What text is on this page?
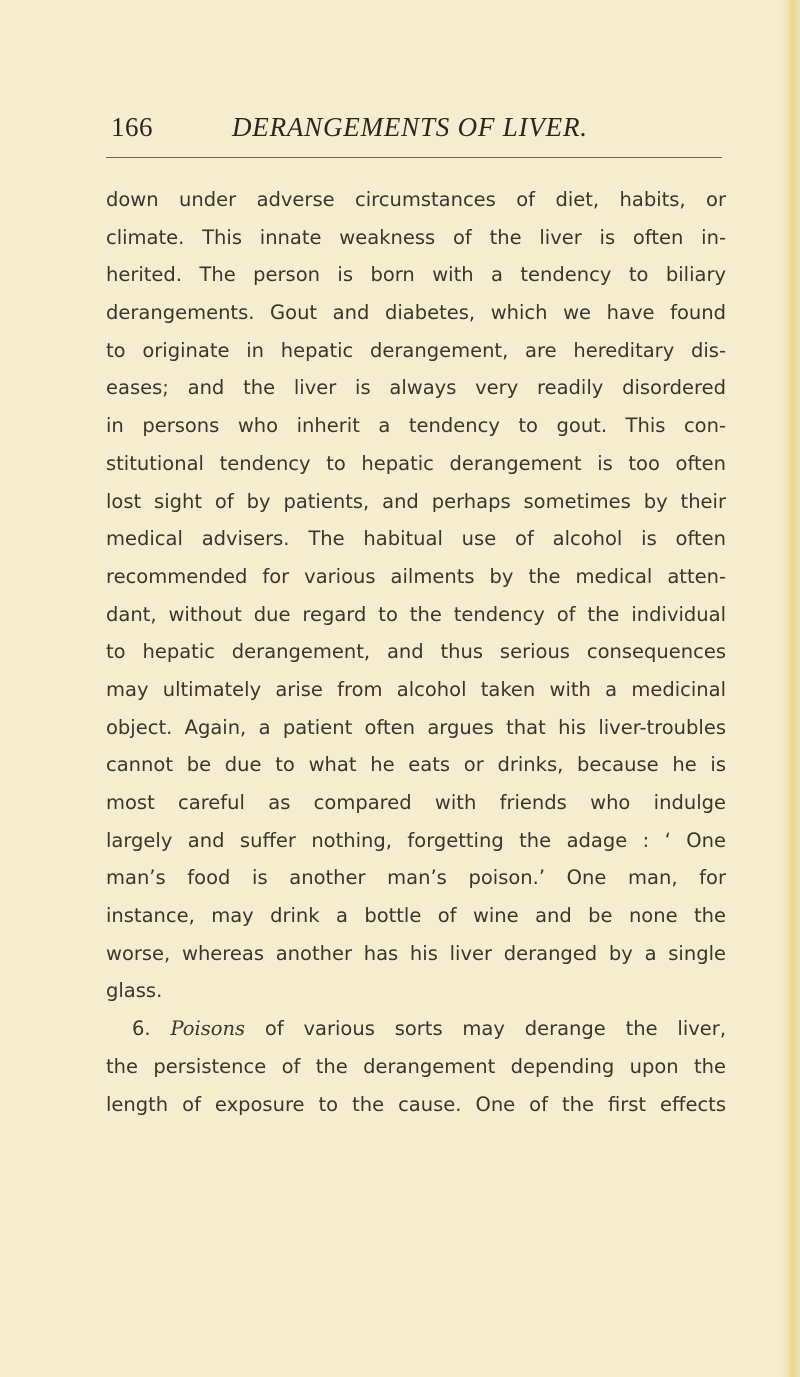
166	DERANGEMENTS OF LIVER.
down under adverse circumstances of diet, habits, or
climate. This innate weakness of the liver is often in-
herited. The person is born with a tendency to biliary
derangements. Gout and diabetes, which we have found
to originate in hepatic derangement, are hereditary dis-
eases; and the liver is always very readily disordered
in persons who inherit a tendency to gout. This con-
stitutional tendency to hepatic derangement is too often
lost sight of by patients, and perhaps sometimes by their
medical advisers. The habitual use of alcohol is often
recommended for various ailments by the medical atten-
dant, without due regard to the tendency of the individual
to hepatic derangement, and thus serious consequences
may ultimately arise from alcohol taken with a medicinal
object. Again, a patient often argues that his liver-troubles
cannot be due to what he eats or drinks, because he is
most careful as compared with friends who indulge
largely and suffer nothing, forgetting the adage : ‘ One
man’s food is another man’s poison.’ One man, for
instance, may drink a bottle of wine and be none the
worse, whereas another has his liver deranged by a single
glass.
6. Poisons of various sorts may derange the liver,
the persistence of the derangement depending upon the
length of exposure to the cause. One of the first effects
